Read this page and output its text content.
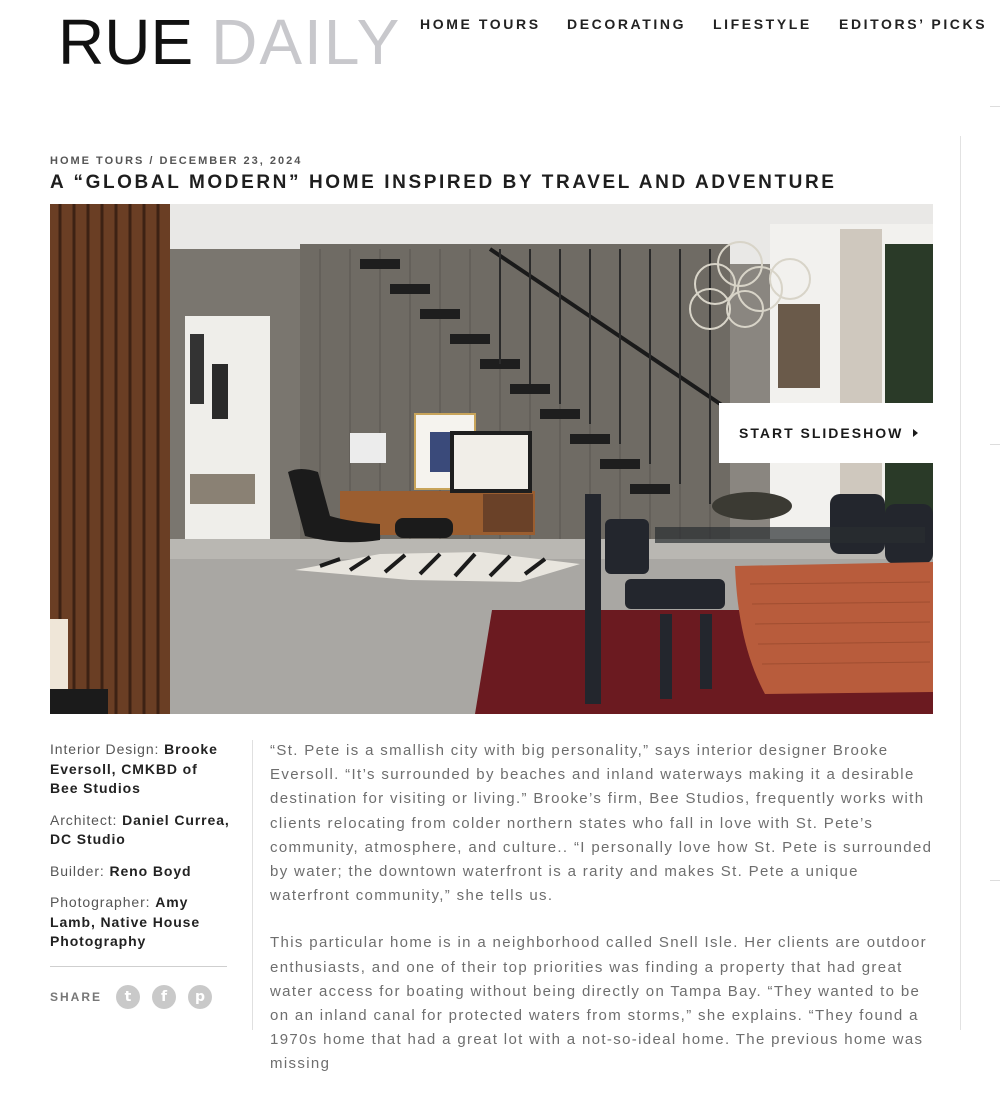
RUE DAILY HOME TOURS DECORATING LIFESTYLE EDITORS’ PICKS
HOME TOURS / DECEMBER 23, 2024
A “GLOBAL MODERN” HOME INSPIRED BY TRAVEL AND ADVENTURE
START SLIDESHOW
Interior Design: Brooke Eversoll, CMKBD of Bee Studios
Architect: Daniel Currea, DC Studio
Builder: Reno Boyd
Photographer: Amy Lamb, Native House Photography
SHARE	t	f	p

“St. Pete is a smallish city with big personality,” says interior designer Brooke Eversoll. “It’s surrounded by beaches and inland waterways making it a desirable destination for visiting or living.” Brooke’s firm, Bee Studios, frequently works with clients relocating from colder northern states who fall in love with St. Pete’s community, atmosphere, and culture.. “I personally love how St. Pete is surrounded by water; the downtown waterfront is a rarity and makes St. Pete a unique waterfront community,” she tells us.

This particular home is in a neighborhood called Snell Isle. Her clients are outdoor enthusiasts, and one of their top priorities was finding a property that had great water access for boating without being directly on Tampa Bay. “They wanted to be on an inland canal for protected waters from storms,” she explains. “They found a 1970s home that had a great lot with a not-so-ideal home. The previous home was missing
